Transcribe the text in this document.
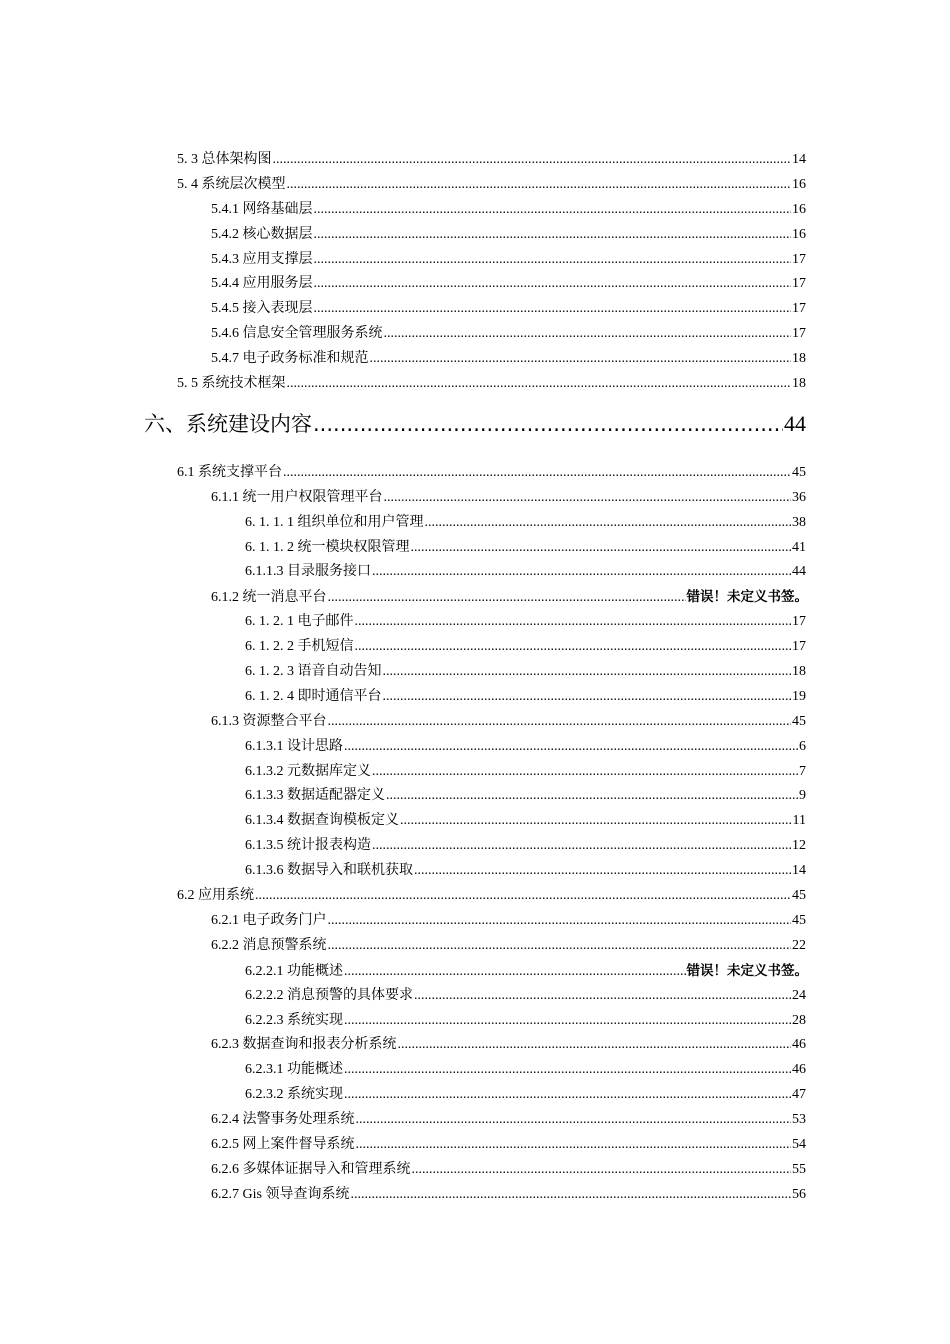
5. 3 总体架构图 .....	14
5. 4 系统层次模型 .....	16
5.4.1 网络基础层 .....	16
5.4.2 核心数据层 .....	16
5.4.3 应用支撑层 .....	17
5.4.4 应用服务层 .....	17
5.4.5 接入表现层 .....	17
5.4.6 信息安全管理服务系统 .....	17
5.4.7 电子政务标准和规范 .....	18
5. 5 系统技术框架 .....	18
六、系统建设内容 .....	44
6.1 系统支撑平台 .....	45
6.1.1 统一用户权限管理平台 .....	36
6. 1. 1. 1 组织单位和用户管理 .....	38
6. 1. 1. 2 统一模块权限管理 .....	41
6.1.1.3 目录服务接口 .....	44
6.1.2 统一消息平台 .....	错误！未定义书签。
6. 1. 2. 1 电子邮件 .....	17
6. 1. 2. 2 手机短信 .....	17
6. 1. 2. 3 语音自动告知 .....	18
6. 1. 2. 4 即时通信平台 .....	19
6.1.3 资源整合平台 .....	45
6.1.3.1 设计思路 .....	6
6.1.3.2 元数据库定义 .....	7
6.1.3.3 数据适配器定义 .....	9
6.1.3.4 数据查询模板定义 .....	11
6.1.3.5 统计报表构造 .....	12
6.1.3.6 数据导入和联机获取 .....	14
6.2 应用系统 .....	45
6.2.1 电子政务门户 .....	45
6.2.2 消息预警系统 .....	22
6.2.2.1 功能概述 .....	错误！未定义书签。
6.2.2.2 消息预警的具体要求 .....	24
6.2.2.3 系统实现 .....	28
6.2.3 数据查询和报表分析系统 .....	46
6.2.3.1 功能概述 .....	46
6.2.3.2 系统实现 .....	47
6.2.4 法警事务处理系统 .....	53
6.2.5 网上案件督导系统 .....	54
6.2.6 多媒体证据导入和管理系统 .....	55
6.2.7 Gis 领导查询系统 .....	56
